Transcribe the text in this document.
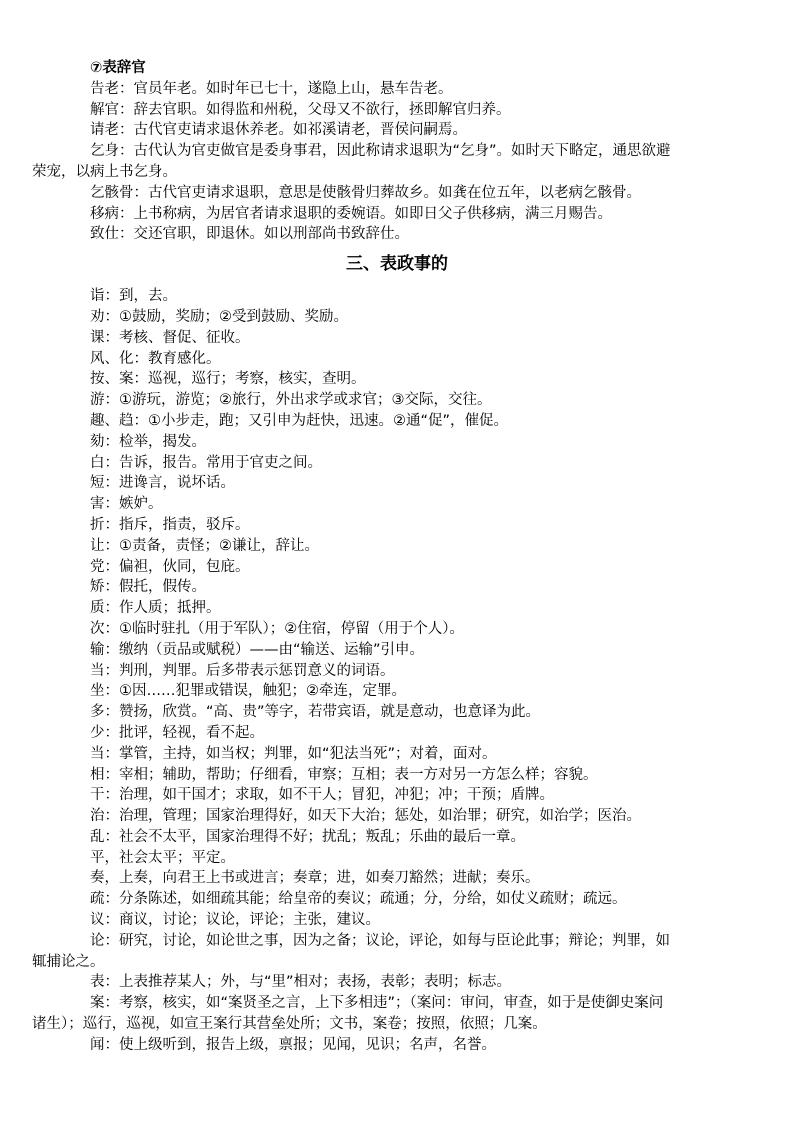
⑦表辞官

告老：官员年老。如时年已七十，遂隐上山，悬车告老。

解官：辞去官职。如得监和州税，父母又不欲行，拯即解官归养。

请老：古代官吏请求退休养老。如祁溪请老，晋侯问嗣焉。

乞身：古代认为官吏做官是委身事君，因此称请求退职为“乞身”。如时天下略定，通思欲避

荣宠，以病上书乞身。

乞骸骨：古代官吏请求退职，意思是使骸骨归葬故乡。如龚在位五年，以老病乞骸骨。

移病：上书称病，为居官者请求退职的委婉语。如即日父子供移病，满三月赐告。

致仕：交还官职，即退休。如以刑部尚书致辞仕。

三、表政事的

诣：到，去。

劝：①鼓励，奖励；②受到鼓励、奖励。

课：考核、督促、征收。

风、化：教育感化。

按、案：巡视，巡行；考察，核实，查明。

游：①游玩，游览；②旅行，外出求学或求官；③交际，交往。

趣、趋：①小步走，跑；又引申为赶快，迅速。②通“促”，催促。

劾：检举，揭发。

白：告诉，报告。常用于官吏之间。

短：进谗言，说坏话。

害：嫉妒。

折：指斥，指责，驳斥。

让：①责备，责怪；②谦让，辞让。

党：偏袒，伙同，包庇。

矫：假托，假传。

质：作人质；抵押。

次：①临时驻扎（用于军队）；②住宿，停留（用于个人）。

输：缴纳（贡品或赋税）——由“输送、运输”引申。

当：判刑，判罪。后多带表示惩罚意义的词语。

坐：①因……犯罪或错误，触犯；②牵连，定罪。

多：赞扬，欣赏。“高、贵”等字，若带宾语，就是意动，也意译为此。

少：批评，轻视，看不起。

当：掌管，主持，如当权；判罪，如“犯法当死”；对着，面对。

相：宰相；辅助，帮助；仔细看，审察；互相；表一方对另一方怎么样；容貌。

干：治理，如干国才；求取，如不干人；冒犯，冲犯；冲；干预；盾牌。

治：治理，管理；国家治理得好，如天下大治；惩处，如治罪；研究，如治学；医治。

乱：社会不太平，国家治理得不好；扰乱；叛乱；乐曲的最后一章。

平，社会太平；平定。

奏，上奏，向君王上书或进言；奏章；进，如奏刀豁然；进献；奏乐。

疏：分条陈述，如细疏其能；给皇帝的奏议；疏通；分，分给，如仗义疏财；疏远。

议：商议，讨论；议论，评论；主张，建议。

论：研究，讨论，如论世之事，因为之备；议论，评论，如每与臣论此事；辩论；判罪，如

辄捕论之。

表：上表推荐某人；外，与“里”相对；表扬，表彰；表明；标志。

案：考察，核实，如“案贤圣之言，上下多相违”；（案问：审问，审查，如于是使御史案问

诸生）；巡行，巡视，如宣王案行其营垒处所；文书，案卷；按照，依照；几案。

闻：使上级听到，报告上级，禀报；见闻，见识；名声，名誉。
